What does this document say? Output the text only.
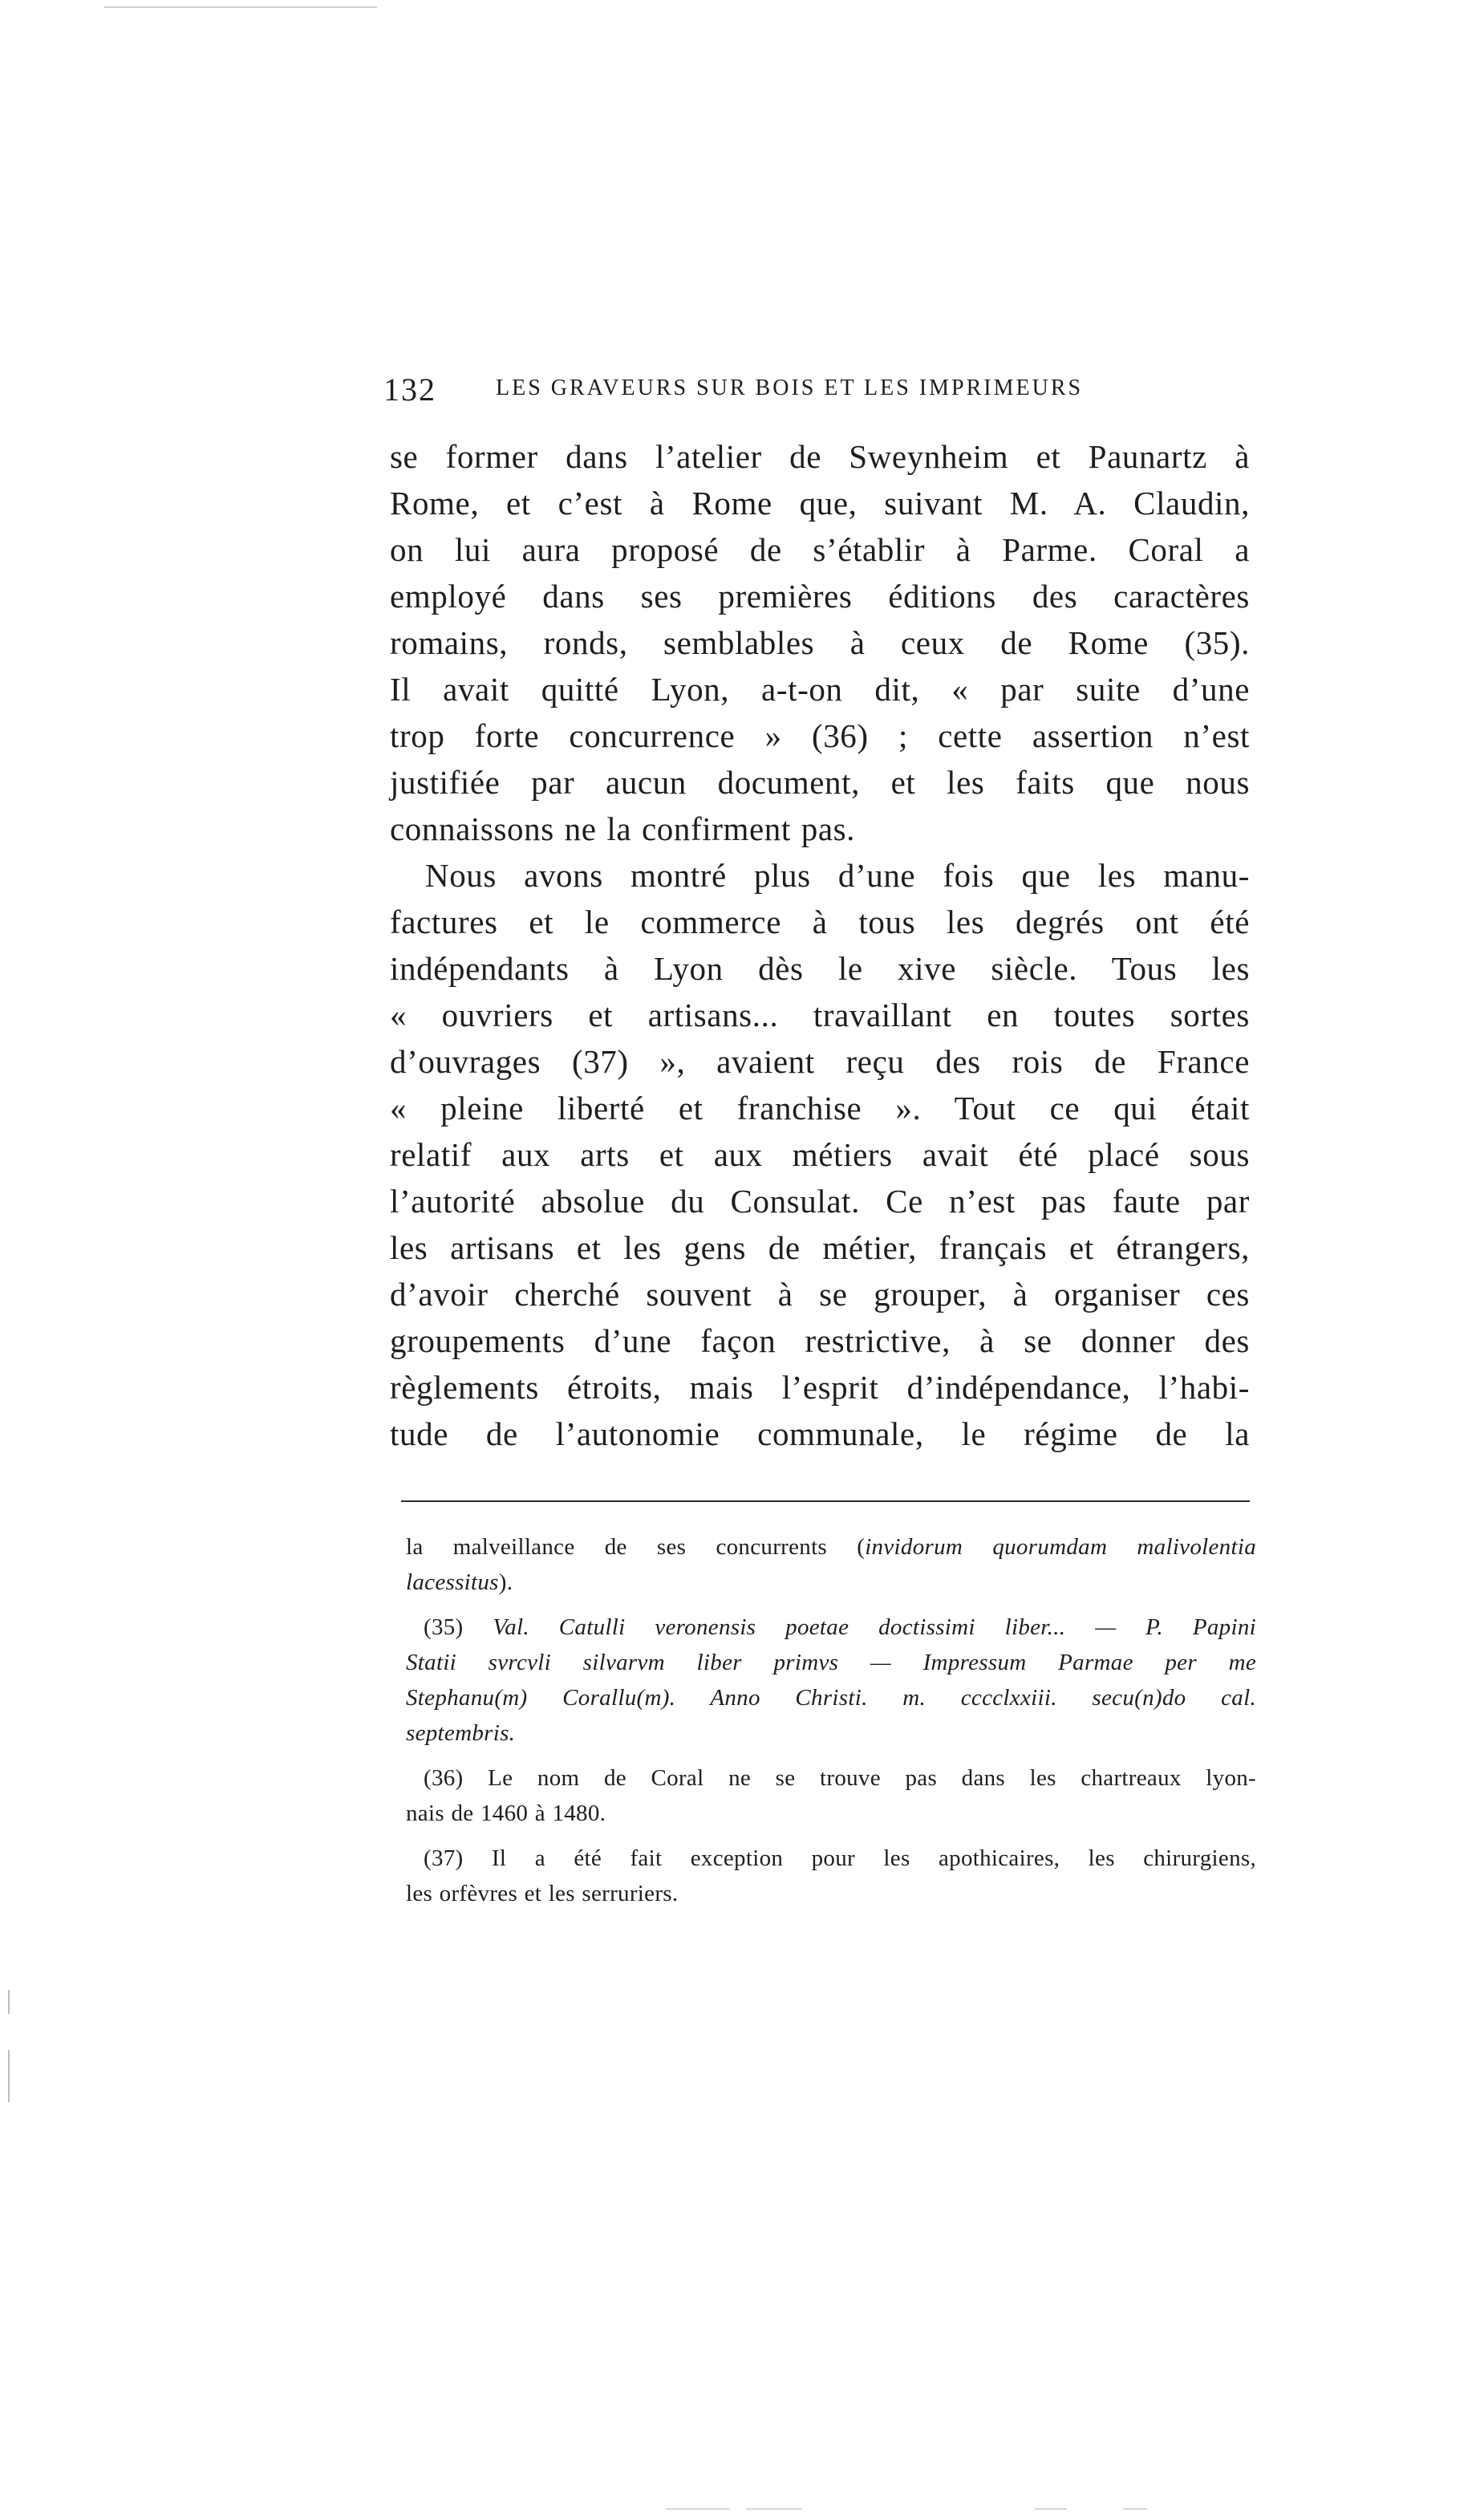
132	LES GRAVEURS SUR BOIS ET LES IMPRIMEURS
se former dans l’atelier de Sweynheim et Paunartz à
Rome, et c’est à Rome que, suivant M. A. Claudin,
on lui aura proposé de s’établir à Parme. Coral a
employé dans ses premières éditions des caractères
romains, ronds, semblables à ceux de Rome (35).
Il avait quitté Lyon, a-t-on dit, « par suite d’une
trop forte concurrence » (36) ; cette assertion n’est
justifiée par aucun document, et les faits que nous
connaissons ne la confirment pas.
Nous avons montré plus d’une fois que les manu-
factures et le commerce à tous les degrés ont été
indépendants à Lyon dès le xive siècle. Tous les
« ouvriers et artisans... travaillant en toutes sortes
d’ouvrages (37) », avaient reçu des rois de France
« pleine liberté et franchise ». Tout ce qui était
relatif aux arts et aux métiers avait été placé sous
l’autorité absolue du Consulat. Ce n’est pas faute par
les artisans et les gens de métier, français et étrangers,
d’avoir cherché souvent à se grouper, à organiser ces
groupements d’une façon restrictive, à se donner des
règlements étroits, mais l’esprit d’indépendance, l’habi-
tude de l’autonomie communale, le régime de la
la malveillance de ses concurrents (invidorum quorumdam malivolentia
lacessitus).
(35) Val. Catulli veronensis poetae doctissimi liber... — P. Papini
Statii svrcvli silvarvm liber primvs — Impressum Parmae per me
Stephanu(m) Corallu(m). Anno Christi. m. cccclxxiii. secu(n)do cal.
septembris.
(36) Le nom de Coral ne se trouve pas dans les chartreaux lyon-
nais de 1460 à 1480.
(37) Il a été fait exception pour les apothicaires, les chirurgiens,
les orfèvres et les serruriers.
